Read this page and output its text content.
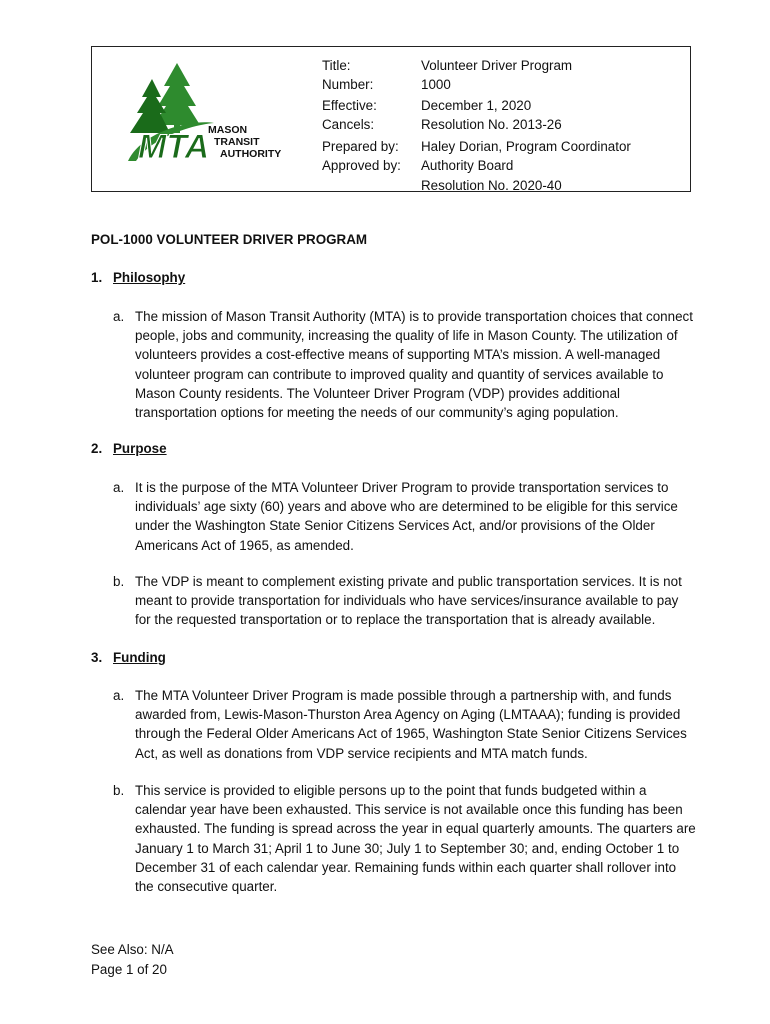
MTA
MASON
TRANSIT
AUTHORITY
Title:	Volunteer Driver Program
Number:	1000
Effective:	December 1, 2020
Cancels:	Resolution No. 2013-26
Prepared by:	Haley Dorian, Program Coordinator
Approved by:	Authority Board
Resolution No. 2020-40
POL-1000 VOLUNTEER DRIVER PROGRAM
1. Philosophy
a. The mission of Mason Transit Authority (MTA) is to provide transportation choices that connect
people, jobs and community, increasing the quality of life in Mason County. The utilization of
volunteers provides a cost-effective means of supporting MTA’s mission. A well-managed
volunteer program can contribute to improved quality and quantity of services available to
Mason County residents. The Volunteer Driver Program (VDP) provides additional
transportation options for meeting the needs of our community’s aging population.
2. Purpose
a. It is the purpose of the MTA Volunteer Driver Program to provide transportation services to
individuals’ age sixty (60) years and above who are determined to be eligible for this service
under the Washington State Senior Citizens Services Act, and/or provisions of the Older
Americans Act of 1965, as amended.
b. The VDP is meant to complement existing private and public transportation services. It is not
meant to provide transportation for individuals who have services/insurance available to pay
for the requested transportation or to replace the transportation that is already available.
3. Funding
a. The MTA Volunteer Driver Program is made possible through a partnership with, and funds
awarded from, Lewis-Mason-Thurston Area Agency on Aging (LMTAAA); funding is provided
through the Federal Older Americans Act of 1965, Washington State Senior Citizens Services
Act, as well as donations from VDP service recipients and MTA match funds.
b. This service is provided to eligible persons up to the point that funds budgeted within a
calendar year have been exhausted. This service is not available once this funding has been
exhausted. The funding is spread across the year in equal quarterly amounts. The quarters are
January 1 to March 31; April 1 to June 30; July 1 to September 30; and, ending October 1 to
December 31 of each calendar year. Remaining funds within each quarter shall rollover into
the consecutive quarter.
See Also: N/A
Page 1 of 20
